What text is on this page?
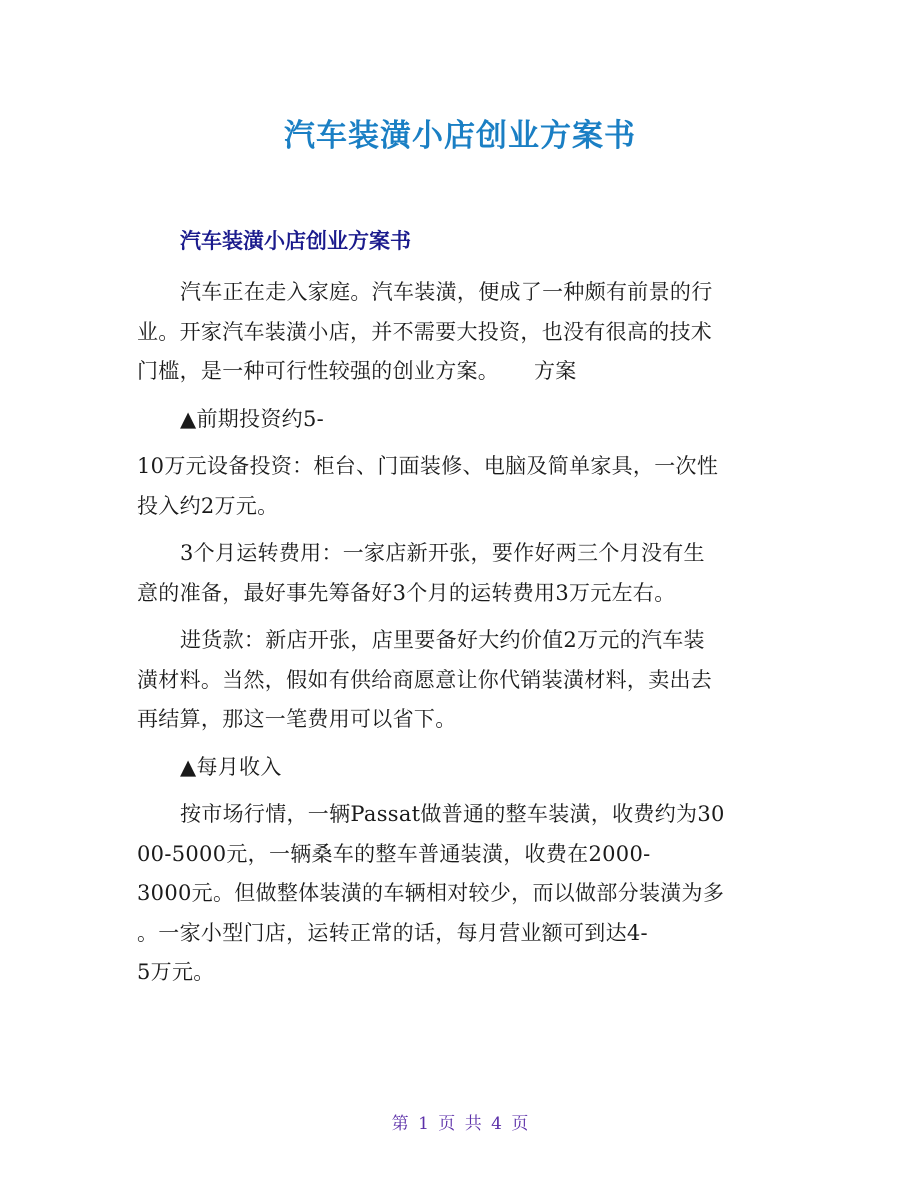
汽车装潢小店创业方案书
汽车装潢小店创业方案书
汽车正在走入家庭。汽车装潢，便成了一种颇有前景的行
业。开家汽车装潢小店，并不需要大投资，也没有很高的技术
门槛，是一种可行性较强的创业方案。     方案
▲前期投资约5-
10万元设备投资：柜台、门面装修、电脑及简单家具，一次性
投入约2万元。
3个月运转费用：一家店新开张，要作好两三个月没有生
意的准备，最好事先筹备好3个月的运转费用3万元左右。
进货款：新店开张，店里要备好大约价值2万元的汽车装
潢材料。当然，假如有供给商愿意让你代销装潢材料，卖出去
再结算，那这一笔费用可以省下。
▲每月收入
按市场行情，一辆Passat做普通的整车装潢，收费约为30
00-5000元，一辆桑车的整车普通装潢，收费在2000-
3000元。但做整体装潢的车辆相对较少，而以做部分装潢为多
。一家小型门店，运转正常的话，每月营业额可到达4-
5万元。
第 1 页 共 4 页
